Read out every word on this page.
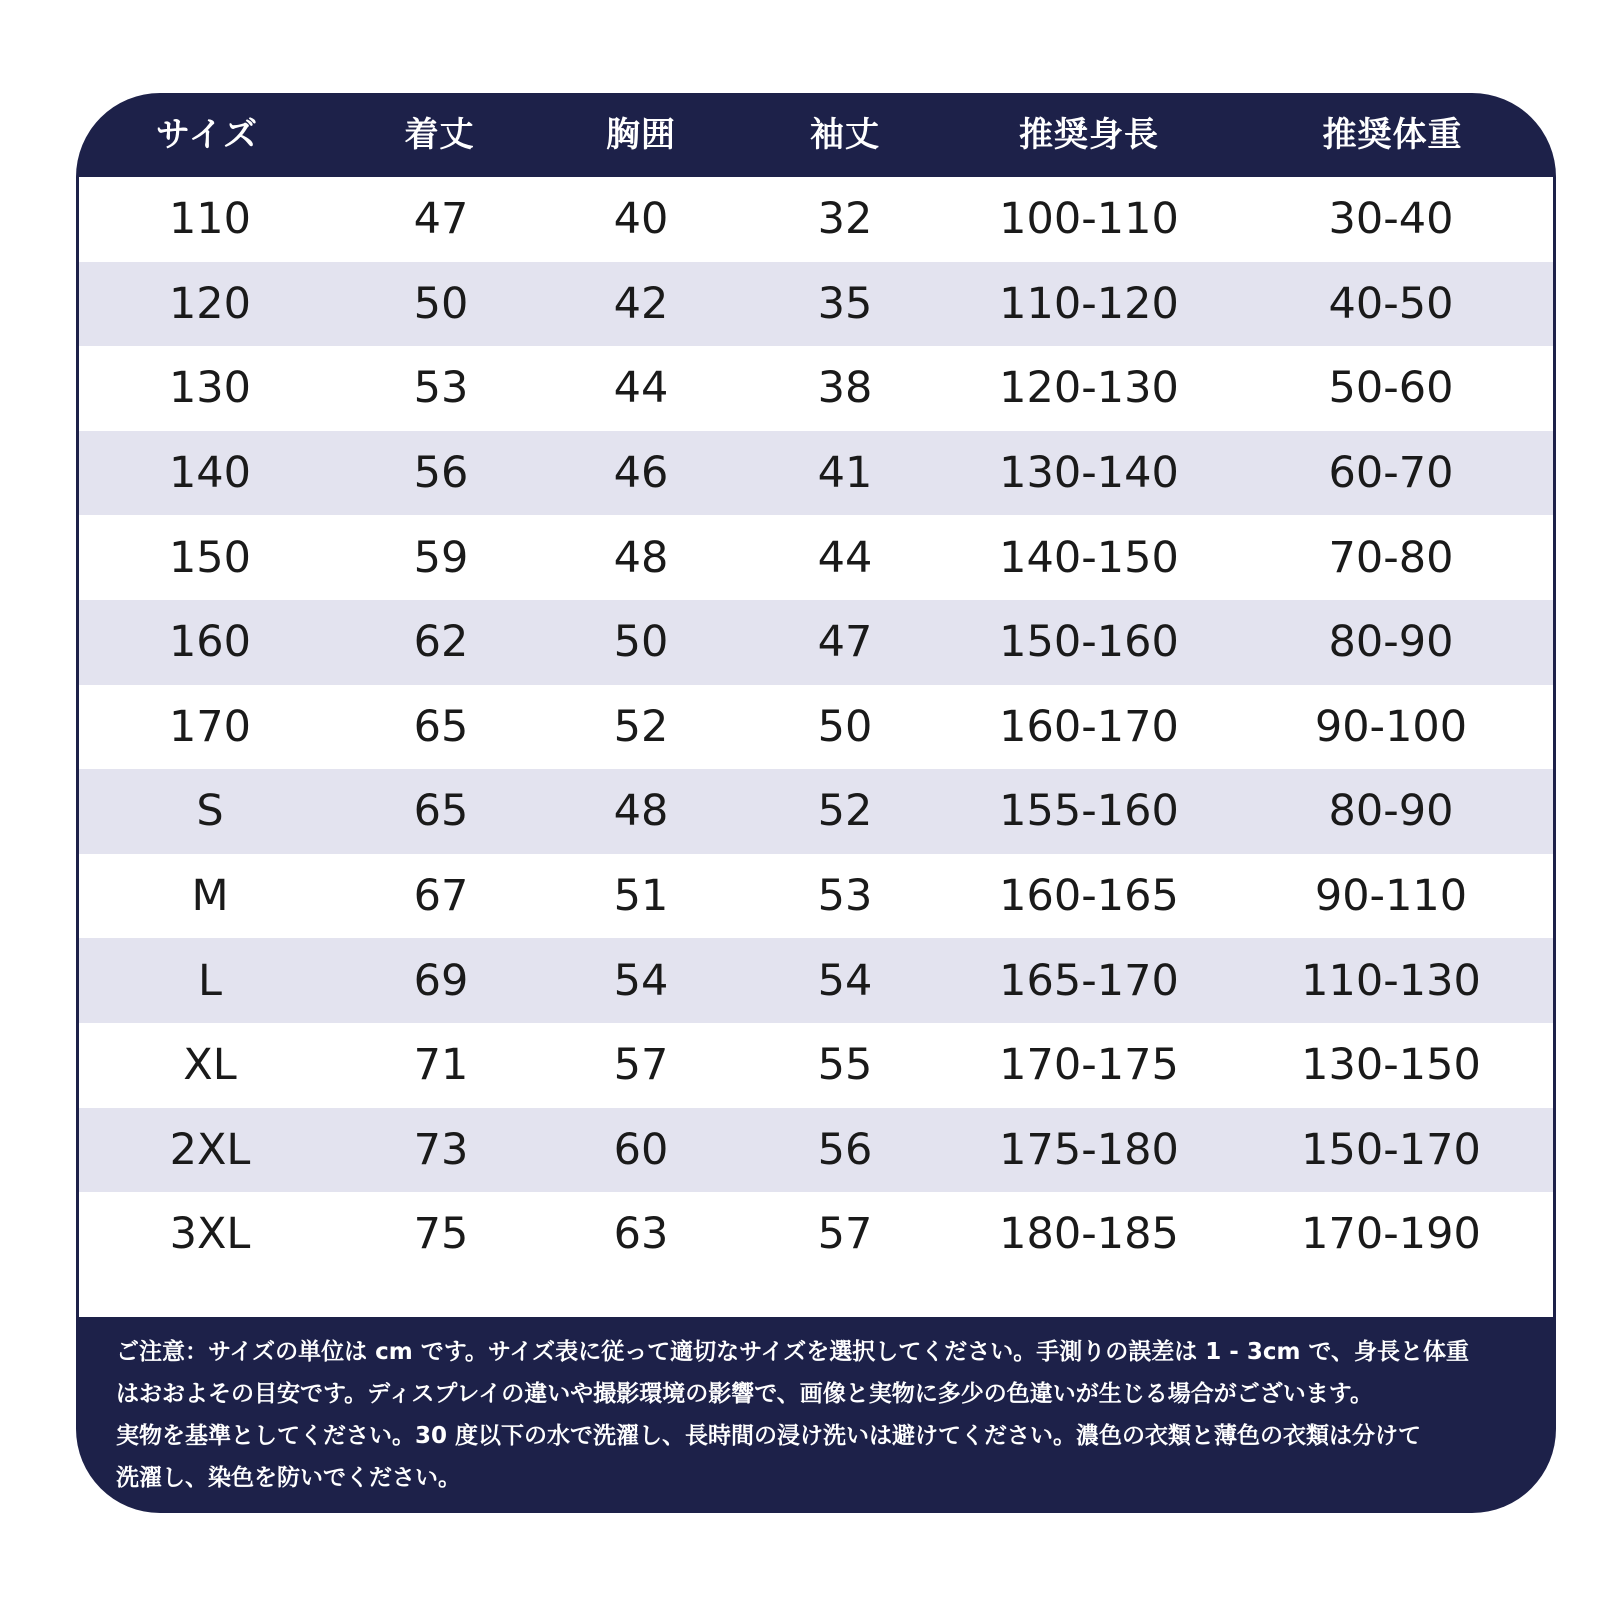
サイズ	着丈	胸囲	袖丈	推奨身長	推奨体重
110	47	40	32	100-110	30-40
120	50	42	35	110-120	40-50
130	53	44	38	120-130	50-60
140	56	46	41	130-140	60-70
150	59	48	44	140-150	70-80
160	62	50	47	150-160	80-90
170	65	52	50	160-170	90-100
S	65	48	52	155-160	80-90
M	67	51	53	160-165	90-110
L	69	54	54	165-170	110-130
XL	71	57	55	170-175	130-150
2XL	73	60	56	175-180	150-170
3XL	75	63	57	180-185	170-190
ご注意：サイズの単位は cm です。サイズ表に従って適切なサイズを選択してください。手測りの誤差は 1 - 3cm で、身長と体重
はおおよその目安です。ディスプレイの違いや撮影環境の影響で、画像と実物に多少の色違いが生じる場合がございます。
実物を基準としてください。30 度以下の水で洗濯し、長時間の浸け洗いは避けてください。濃色の衣類と薄色の衣類は分けて
洗濯し、染色を防いでください。
